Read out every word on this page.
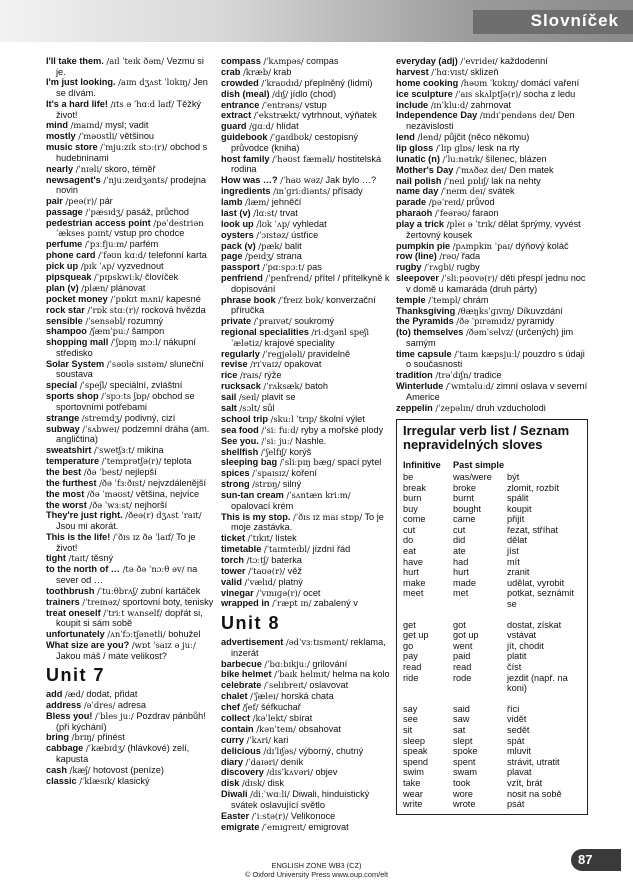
Slovníček
I'll take them. /aɪl ˈteɪk ðəm/ Vezmu si je.
I'm just looking. /aɪm dʒʌst ˈlʊkɪŋ/ Jen se dívám.
It's a hard life! /ɪts ə ˈhɑːd laɪf/ Těžký život!
mind /maɪnd/ mysl; vadit
mostly /ˈməʊstli/ většinou
music store /ˈmjuːzɪk stɔː(r)/ obchod s hudebninami
nearly /ˈnɪəli/ skoro, téměř
newsagent's /ˈnjuːzeɪdʒənts/ prodejna novin
pair /peə(r)/ pár
passage /ˈpæsɪdʒ/ pasáž, průchod
pedestrian access point /pəˈdestriən ˈækses pɔɪnt/ vstup pro chodce
perfume /ˈpɜːfjuːm/ parfém
phone card /ˈfəʊn kɑːd/ telefonní karta
pick up /pɪk ˈʌp/ vyzvednout
pipsqueak /ˈpɪpskwiːk/ človíček
plan (v) /plæn/ plánovat
pocket money /ˈpɒkɪt mʌni/ kapesné
rock star /ˈrɒk stɑː(r)/ rocková hvězda
sensible /ˈsensəbl/ rozumný
shampoo /ʃæmˈpuː/ šampon
shopping mall /ˈʃɒpɪŋ mɔːl/ nákupní středisko
Solar System /ˈsəʊlə sɪstəm/ sluneční soustava
special /ˈspeʃl/ speciální, zvláštní
sports shop /ˈspɔːts ʃɒp/ obchod se sportovními potřebami
strange /streɪndʒ/ podivný, cizí
subway /ˈsʌbweɪ/ podzemní dráha (am. angličtina)
sweatshirt /ˈswetʃɜːt/ mikina
temperature /ˈtemprətʃə(r)/ teplota
the best /ðə ˈbest/ nejlepší
the furthest /ðə ˈfɜːðɪst/ nejvzdálenější
the most /ðə ˈməʊst/ většina, nejvíce
the worst /ðə ˈwɜːst/ nejhorší
They're just right. /ðeə(r) dʒʌst ˈraɪt/ Jsou mi akorát.
This is the life! /ˈðɪs ɪz ðə ˈlaɪf/ To je život!
tight /taɪt/ těsný
to the north of … /tə ðə ˈnɔːθ əv/ na sever od …
toothbrush /ˈtuːθbrʌʃ/ zubní kartáček
trainers /ˈtreɪnəz/ sportovní boty, tenisky
treat oneself /ˈtriːt wʌnself/ dopřát si, koupit si sám sobě
unfortunately /ʌnˈfɔːtʃənətli/ bohužel
What size are you? /wɒt ˈsaɪz ə juː/ Jakou máš / máte velikost?
Unit 7
add /æd/ dodat, přidat
address /əˈdres/ adresa
Bless you! /ˈbles juː/ Pozdrav pánbůh! (při kýchání)
bring /brɪŋ/ přinést
cabbage /ˈkæbɪdʒ/ (hlávkové) zelí, kapusta
cash /kæʃ/ hotovost (peníze)
classic /ˈklæsɪk/ klasický
compass /ˈkʌmpəs/ compas
crab /kræb/ krab
crowded /ˈkraʊdɪd/ přeplněný (lidmi)
dish (meal) /dɪʃ/ jídlo (chod)
entrance /ˈentrəns/ vstup
extract /ˈekstrækt/ vytrhnout, výňatek
guard /ɡɑːd/ hlídat
guidebook /ˈɡaɪdbʊk/ cestopisný průvodce (kniha)
host family /ˈhəʊst fæməli/ hostitelská rodina
How was …? /ˈhaʊ wəz/ Jak bylo …?
ingredients /ɪnˈɡriːdiənts/ přísady
lamb /læm/ jehněčí
last (v) /lɑːst/ trvat
look up /lʊk ˈʌp/ vyhledat
oysters /ˈɔɪstəz/ ústřice
pack (v) /pæk/ balit
page /peɪdʒ/ strana
passport /ˈpɑːspɔːt/ pas
penfriend /ˈpenfrend/ přítel / přítelkyně k dopisování
phrase book /ˈfreɪz bʊk/ konverzační příručka
private /ˈpraɪvət/ soukromý
regional specialities /riːdʒənl speʃiˈælətiz/ krajové speciality
regularly /ˈreɡjələli/ pravidelně
revise /rɪˈvaɪz/ opakovat
rice /raɪs/ rýže
rucksack /ˈrʌksæk/ batoh
sail /seɪl/ plavit se
salt /sɔlt/ sůl
school trip /skuːl ˈtrɪp/ školní výlet
sea food /ˈsiː fuːd/ ryby a mořské plody
See you. /ˈsiː juː/ Nashle.
shellfish /ˈʃelfɪʃ/ korýš
sleeping bag /ˈsliːpɪŋ bæɡ/ spací pytel
spices /ˈspaɪsɪz/ koření
strong /strɒŋ/ silný
sun-tan cream /ˈsʌntæn kriːm/ opalovací krém
This is my stop. /ˈðɪs ɪz maɪ stɒp/ To je moje zastávka.
ticket /ˈtɪkɪt/ lístek
timetable /ˈtaɪmteɪbl/ jízdní řád
torch /tɔːtʃ/ baterka
tower /ˈtaʊə(r)/ věž
valid /ˈvælɪd/ platný
vinegar /ˈvɪnɪɡə(r)/ ocet
wrapped in /ˈræpt ɪn/ zabalený v
Unit 8
advertisement /ədˈvɜːtɪsmənt/ reklama, inzerát
barbecue /ˈbɑːbɪkjuː/ grilování
bike helmet /ˈbaɪk helmɪt/ helma na kolo
celebrate /ˈselɪbreɪt/ oslavovat
chalet /ˈʃæleɪ/ horská chata
chef /ʃef/ šéfkuchař
collect /kəˈlekt/ sbírat
contain /kənˈteɪn/ obsahovat
curry /ˈkʌri/ kari
delicious /dɪˈlɪʃəs/ výborný, chutný
diary /ˈdaɪəri/ deník
discovery /dɪsˈkʌvəri/ objev
disk /dɪsk/ disk
Diwali /diːˈwɑːli/ Diwali, hinduistický svátek oslavující světlo
Easter /ˈiːstə(r)/ Velikonoce
emigrate /ˈemɪɡreɪt/ emigrovat
everyday (adj) /ˈevrideɪ/ každodenní
harvest /ˈhɑːvɪst/ sklizeň
home cooking /həʊm ˈkʊkɪŋ/ domácí vaření
ice sculpture /ˈaɪs skʌlptʃə(r)/ socha z ledu
include /ɪnˈkluːd/ zahrnovat
Independence Day /ɪndɪˈpendəns deɪ/ Den nezávislosti
lend /lend/ půjčit (něco někomu)
lip gloss /ˈlɪp ɡlɒs/ lesk na rty
lunatic (n) /ˈluːnətɪk/ šílenec, blázen
Mother's Day /ˈmʌðəz deɪ/ Den matek
nail polish /ˈneɪl pɒlɪʃ/ lak na nehty
name day /ˈneɪm deɪ/ svátek
parade /pəˈreɪd/ průvod
pharaoh /ˈfeərəʊ/ faraon
play a trick /pleɪ ə ˈtrɪk/ dělat šprýmy, vyvést žertovný kousek
pumpkin pie /pʌmpkɪn ˈpaɪ/ dýňový koláč
row (line) /rəʊ/ řada
rugby /ˈrʌɡbi/ rugby
sleepover /ˈsliːpəʊvə(r)/ děti přespí jednu noc v domě u kamaráda (druh párty)
temple /ˈtempl/ chrám
Thanksgiving /θæŋksˈɡɪvɪŋ/ Díkuvzdání
the Pyramids /ðə ˈpɪrəmɪdz/ pyramidy
(to) themselves /ðəmˈselvz/ (určených) jim samým
time capsule /ˈtaɪm kæpsjuːl/ pouzdro s údaji o současnosti
tradition /trəˈdɪʃn/ tradice
Winterlude /ˈwɪntəluːd/ zimní oslava v severní Americe
zeppelin /ˈzepəlɪn/ druh vzducholodi
Irregular verb list / Seznam nepravidelných sloves
Infinitive	Past simple	
be	was/were	být
break	broke	zlomit, rozbít
burn	burnt	spálit
buy	bought	koupit
come	came	přijít
cut	cut	řezat, stříhat
do	did	dělat
eat	ate	jíst
have	had	mít
hurt	hurt	zranit
make	made	udělat, vyrobit
meet	met	potkat, seznámit se

get	got	dostat, získat
get up	got up	vstávat
go	went	jít, chodit
pay	paid	platit
read	read	číst
ride	rode	jezdit (např. na koni)

say	said	říci
see	saw	vidět
sit	sat	sedět
sleep	slept	spát
speak	spoke	mluvit
spend	spent	strávit, utratit
swim	swam	plavat
take	took	vzít, brát
wear	wore	nosit na sobě
write	wrote	psát
ENGLISH ZONE WB3 (CZ)
© Oxford University Press www.oup.com/elt
87
